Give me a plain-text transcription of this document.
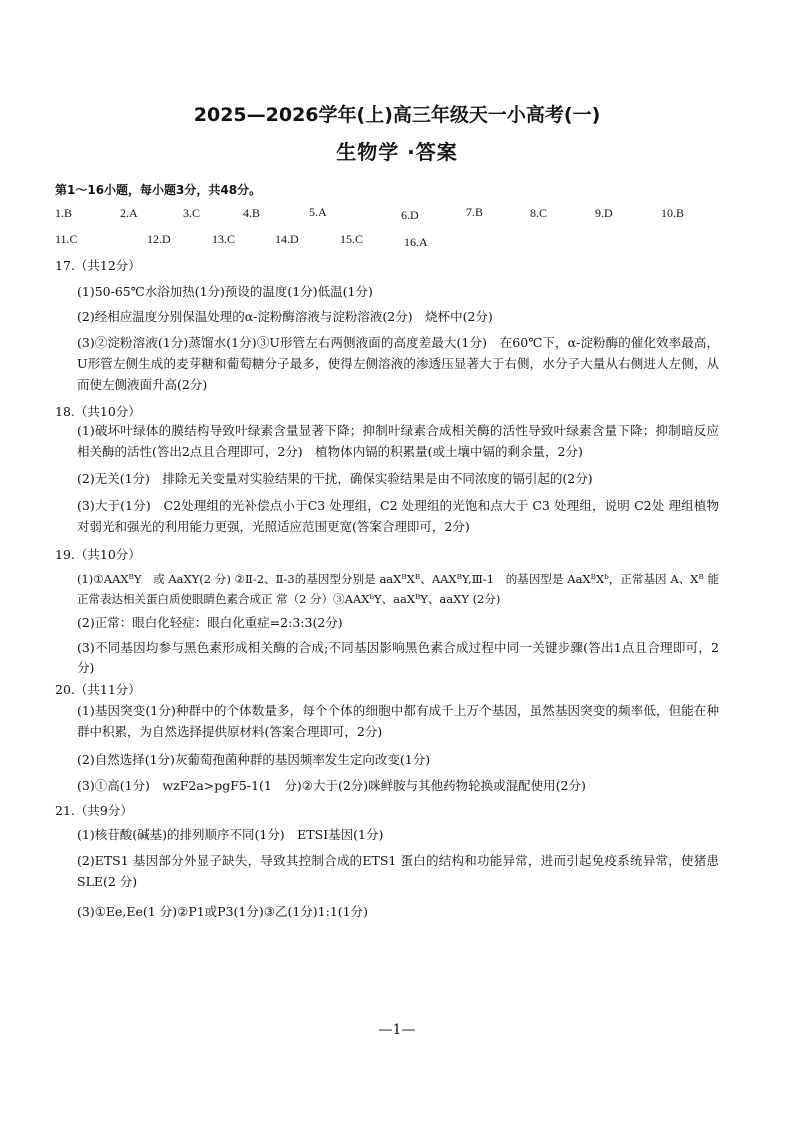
2025—2026学年(上)高三年级天一小高考(一)
生物学 ·答案
第1～16小题，每小题3分，共48分。
1.B	2.A	3.C	4.B	5.A	6.D	7.B	8.C	9.D	10.B
11.C	12.D	13.C	14.D	15.C	16.A
17.（共12分）
(1)50-65℃水浴加热(1分)预设的温度(1分)低温(1分)
(2)经相应温度分别保温处理的α-淀粉酶溶液与淀粉溶液(2分)　烧杯中(2分)
(3)②淀粉溶液(1分)蒸馏水(1分)③U形管左右两侧液面的高度差最大(1分)　在60℃下，α-淀粉酶的催化效率最高，U形管左侧生成的麦芽糖和葡萄糖分子最多，使得左侧溶液的渗透压显著大于右侧，水分子大量从右侧进人左侧，从而使左侧液面升高(2分)
18.（共10分）
(1)破坏叶绿体的膜结构导致叶绿素含量显著下降；抑制叶绿素合成相关酶的活性导致叶绿素含量下降；抑制暗反应相关酶的活性(答出2点且合理即可，2分)　植物体内镉的积累量(或土壤中镉的剩余量，2分)
(2)无关(1分)　排除无关变量对实验结果的干扰，确保实验结果是由不同浓度的镉引起的(2分)
(3)大于(1分)　C2处理组的光补偿点小于C3 处理组，C2 处理组的光饱和点大于 C3 处理组，说明 C2处 理组植物对弱光和强光的利用能力更强，光照适应范围更宽(答案合理即可，2分)
19.（共10分）
(1)①AAXᴮY　或 AaXY(2 分) ②Ⅱ-2、Ⅱ-3的基因型分别是 aaXᴮXᴮ、AAXᴮY,Ⅲ-1　的基因型是 AaXᴮXᵇ，正常基因 A、Xᴮ 能正常表达相关蛋白质使眼睛色素合成正 常（2 分）③AAXᵇY、aaXᴮY、aaXY (2分)
(2)正常：眼白化轻症：眼白化重症=2:3:3(2分)
(3)不同基因均参与黑色素形成相关酶的合成;不同基因影响黑色素合成过程中同一关键步骤(答出1点且合理即可，2分)
20.（共11分）
(1)基因突变(1分)种群中的个体数量多，每个个体的细胞中都有成千上万个基因，虽然基因突变的频率低，但能在种群中积累，为自然选择提供原材料(答案合理即可，2分)
(2)自然选择(1分)灰葡萄孢菌种群的基因频率发生定向改变(1分)
(3)①高(1分)　wzF2a>pgF5-1(1　分)②大于(2分)咪鲜胺与其他药物轮换或混配使用(2分)
21.（共9分）
(1)核苷酸(碱基)的排列顺序不同(1分)　ETSI基因(1分)
(2)ETS1 基因部分外显子缺失，导致其控制合成的ETS1 蛋白的结构和功能异常，进而引起免疫系统异常，使猪患SLE(2 分)
(3)①Ee,Ee(1 分)②P1或P3(1分)③乙(1分)1:1(1分)
—1—
